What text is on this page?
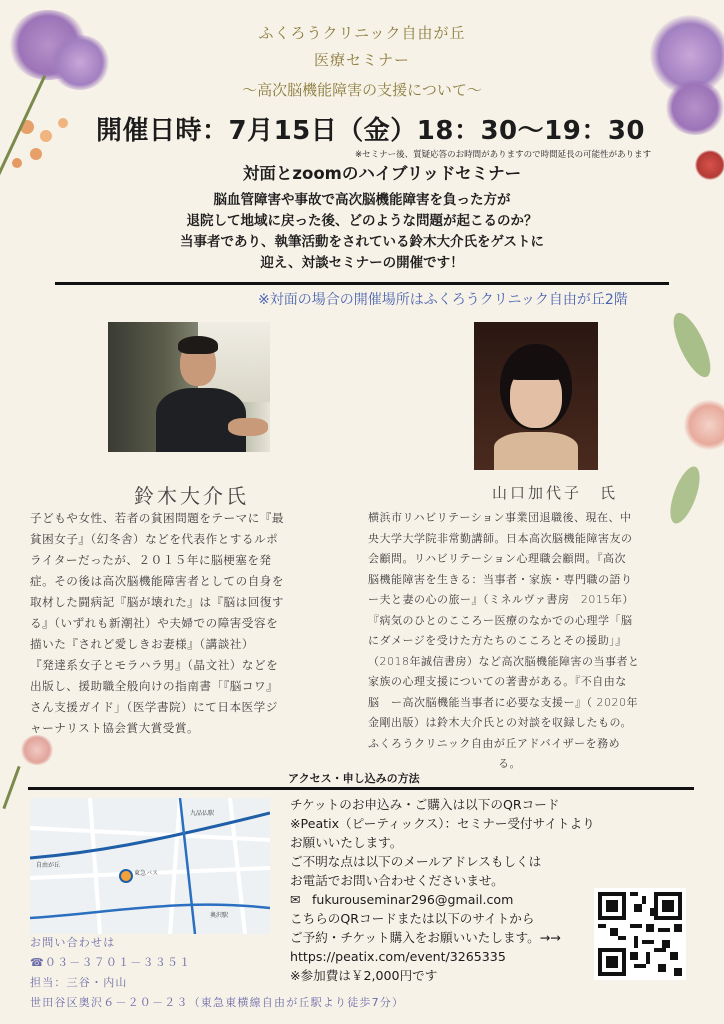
ふくろうクリニック自由が丘
医療セミナー
〜高次脳機能障害の支援について〜
開催日時：7月15日（金）18：30〜19：30
※セミナー後、質疑応答のお時間がありますので時間延長の可能性があります
対面とzoomのハイブリッドセミナー
脳血管障害や事故で高次脳機能障害を負った方が
退院して地域に戻った後、どのような問題が起こるのか？
当事者であり、執筆活動をされている鈴木大介氏をゲストに
迎え、対談セミナーの開催です！
※対面の場合の開催場所はふくろうクリニック自由が丘2階
鈴木大介氏	山口加代子　氏
子どもや女性、若者の貧困問題をテーマに『最
貧困女子』（幻冬舎）などを代表作とするルポ
ライターだったが、２０１５年に脳梗塞を発
症。その後は高次脳機能障害者としての自身を
取材した闘病記『脳が壊れた』は『脳は回復す
る』（いずれも新潮社）や夫婦での障害受容を
描いた『されど愛しきお妻様』（講談社）
『発達系女子とモラハラ男』（晶文社）などを
出版し、援助職全般向けの指南書「『脳コワ』
さん支援ガイド」（医学書院）にて日本医学ジ
ャーナリスト協会賞大賞受賞。
横浜市リハビリテーション事業団退職後、現在、中
央大学大学院非常勤講師。日本高次脳機能障害友の
会顧問。リハビリテーション心理職会顧問。『高次
脳機能障害を生きる：当事者・家族・専門職の語り
ー夫と妻の心の旅ー』（ミネルヴァ書房　2015年）
『病気のひとのこころー医療のなかでの心理学「脳
にダメージを受けた方たちのこころとその援助」』
（2018年誠信書房）など高次脳機能障害の当事者と
家族の心理支援についての著書がある。『不自由な
脳　ー高次脳機能当事者に必要な支援ー』（ 2020年
金剛出版）は鈴木大介氏との対談を収録したもの。
ふくろうクリニック自由が丘アドバイザーを務め
る。
アクセス・申し込みの方法
自由が丘
東急バス
九品仏駅
奥沢駅
チケットのお申込み・ご購入は以下のQRコード
※Peatix（ピーティックス）：セミナー受付サイトより
お願いいたします。
ご不明な点は以下のメールアドレスもしくは
お電話でお問い合わせくださいませ。
✉ fukurouseminar296@gmail.com
こちらのQRコードまたは以下のサイトから
ご予約・チケット購入をお願いいたします。→→
https://peatix.com/event/3265335
※参加費は￥2,000円です
お問い合わせは
☎０３－３７０１－３３５１
担当：三谷・内山
世田谷区奥沢６－２０－２３（東急東横線自由が丘駅より徒歩7分）
